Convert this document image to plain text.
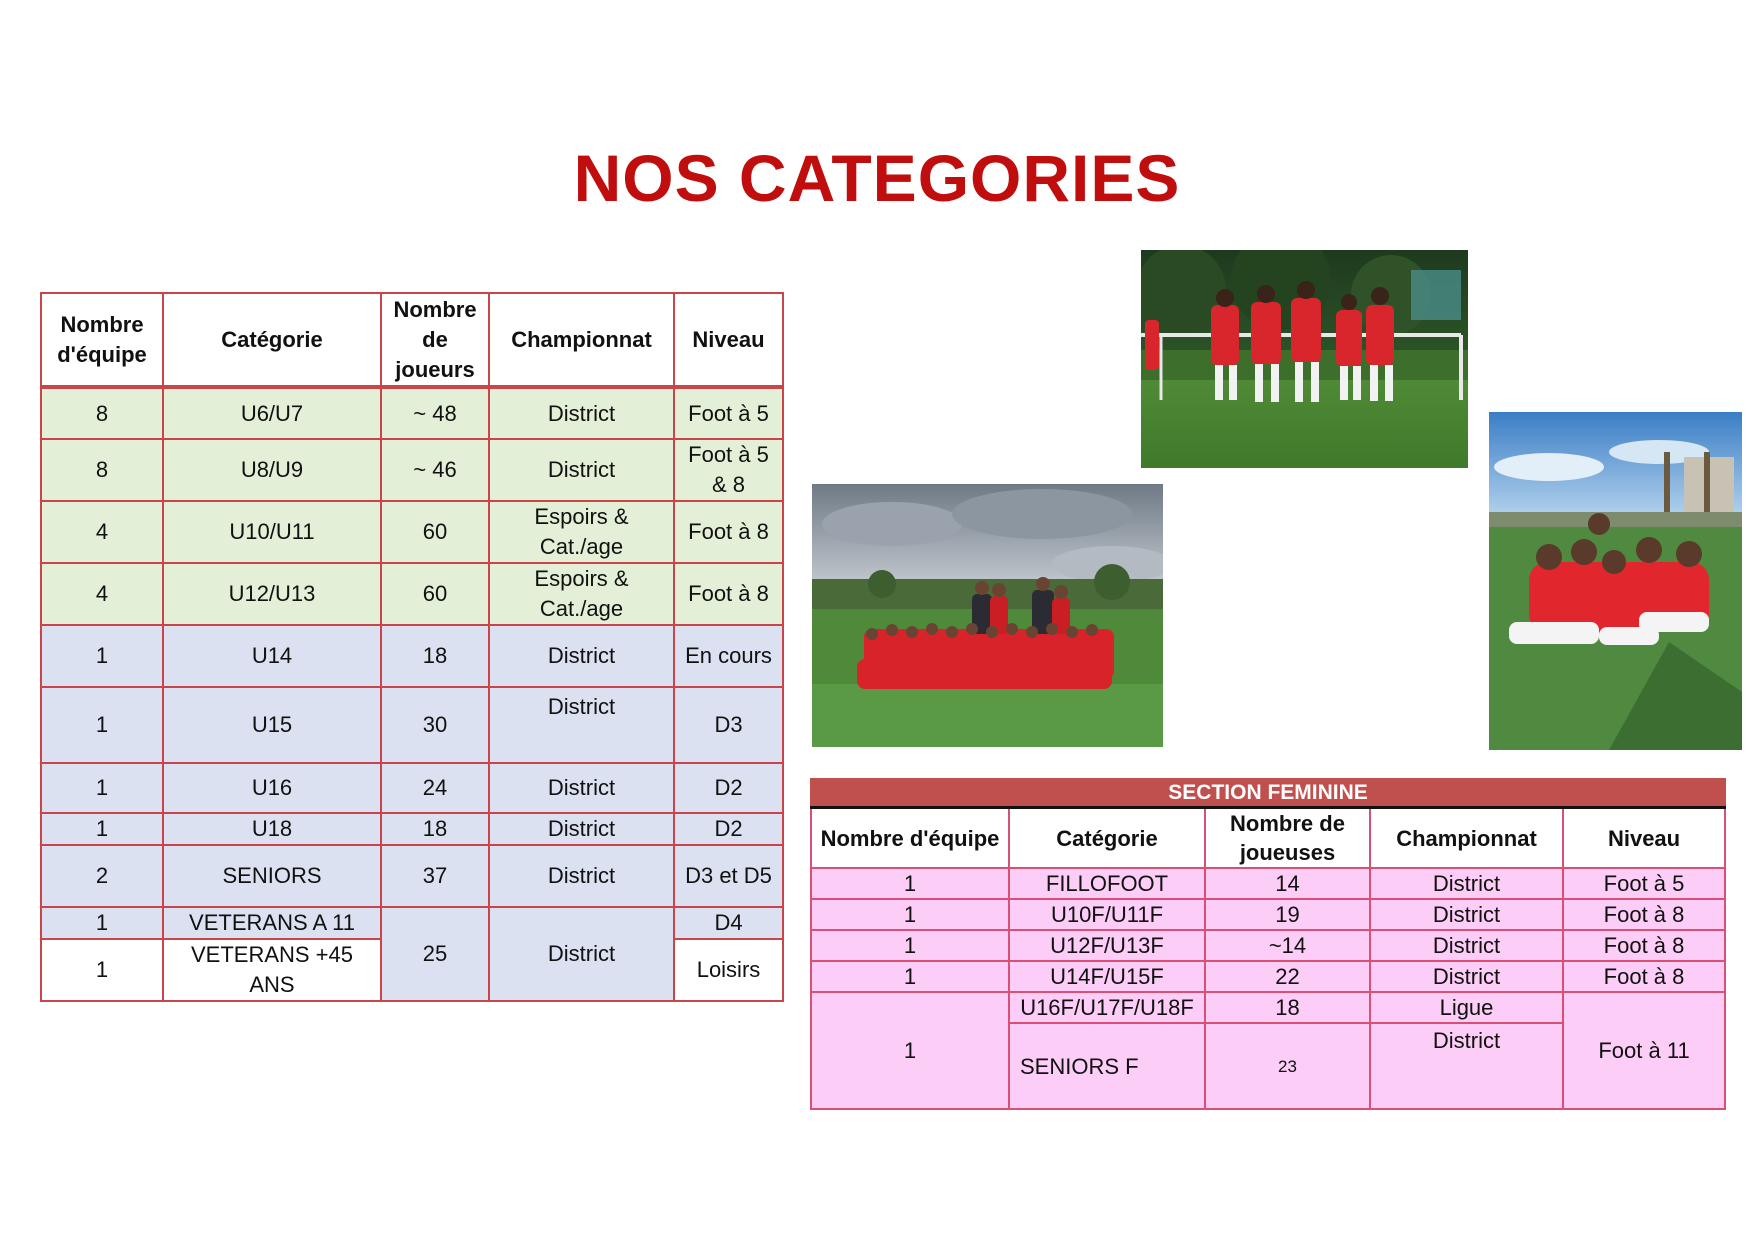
NOS CATEGORIES
Nombre d'équipe	Catégorie	Nombre de joueurs	Championnat	Niveau
8	U6/U7	~ 48	District	Foot à 5
8	U8/U9	~ 46	District	Foot à 5 & 8
4	U10/U11	60	Espoirs & Cat./age	Foot à 8
4	U12/U13	60	Espoirs & Cat./age	Foot à 8
1	U14	18	District	En cours
1	U15	30	District	D3
1	U16	24	District	D2
1	U18	18	District	D2
2	SENIORS	37	District	D3 et D5
1	VETERANS A 11	25	District	D4
1	VETERANS +45 ANS			Loisirs
SECTION FEMININE				
Nombre d'équipe	Catégorie	Nombre de joueuses	Championnat	Niveau
1	FILLOFOOT	14	District	Foot à 5
1	U10F/U11F	19	District	Foot à 8
1	U12F/U13F	~14	District	Foot à 8
1	U14F/U15F	22	District	Foot à 8
1	U16F/U17F/U18F	18	Ligue	Foot à 11
	SENIORS F	23	District	
